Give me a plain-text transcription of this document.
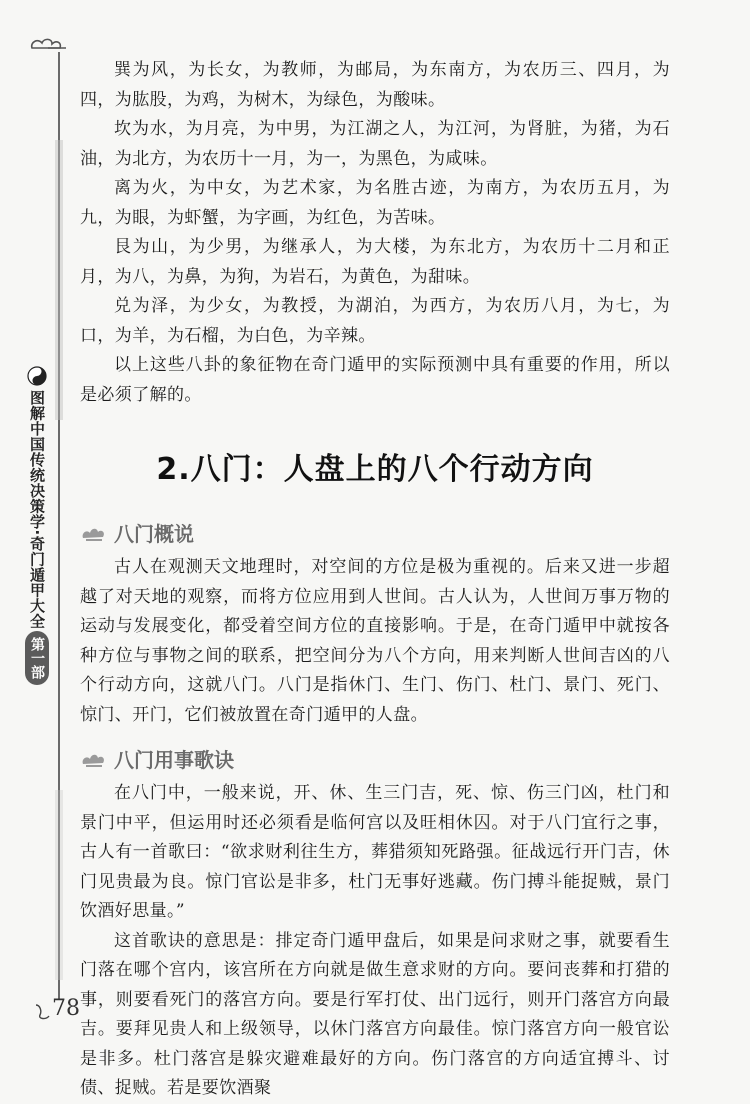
图解中国传统决策学·奇门遁甲大全
第一部

巽为风，为长女，为教师，为邮局，为东南方，为农历三、四月，为四，为肱股，为鸡，为树木，为绿色，为酸味。

坎为水，为月亮，为中男，为江湖之人，为江河，为肾脏，为猪，为石油，为北方，为农历十一月，为一，为黑色，为咸味。

离为火，为中女，为艺术家，为名胜古迹，为南方，为农历五月，为九，为眼，为虾蟹，为字画，为红色，为苦味。

艮为山，为少男，为继承人，为大楼，为东北方，为农历十二月和正月，为八，为鼻，为狗，为岩石，为黄色，为甜味。

兑为泽，为少女，为教授，为湖泊，为西方，为农历八月，为七，为口，为羊，为石榴，为白色，为辛辣。

以上这些八卦的象征物在奇门遁甲的实际预测中具有重要的作用，所以是必须了解的。

2.八门：人盘上的八个行动方向
八门概说

古人在观测天文地理时，对空间的方位是极为重视的。后来又进一步超越了对天地的观察，而将方位应用到人世间。古人认为，人世间万事万物的运动与发展变化，都受着空间方位的直接影响。于是，在奇门遁甲中就按各种方位与事物之间的联系，把空间分为八个方向，用来判断人世间吉凶的八个行动方向，这就八门。八门是指休门、生门、伤门、杜门、景门、死门、惊门、开门，它们被放置在奇门遁甲的人盘。

八门用事歌诀

在八门中，一般来说，开、休、生三门吉，死、惊、伤三门凶，杜门和景门中平，但运用时还必须看是临何宫以及旺相休囚。对于八门宜行之事，古人有一首歌曰：“欲求财利往生方，葬猎须知死路强。征战远行开门吉，休门见贵最为良。惊门官讼是非多，杜门无事好逃藏。伤门搏斗能捉贼，景门饮酒好思量。”

这首歌诀的意思是：排定奇门遁甲盘后，如果是问求财之事，就要看生门落在哪个宫内，该宫所在方向就是做生意求财的方向。要问丧葬和打猎的事，则要看死门的落宫方向。要是行军打仗、出门远行，则开门落宫方向最吉。要拜见贵人和上级领导，以休门落宫方向最佳。惊门落宫方向一般官讼是非多。杜门落宫是躲灾避难最好的方向。伤门落宫的方向适宜搏斗、讨债、捉贼。若是要饮酒聚

78
